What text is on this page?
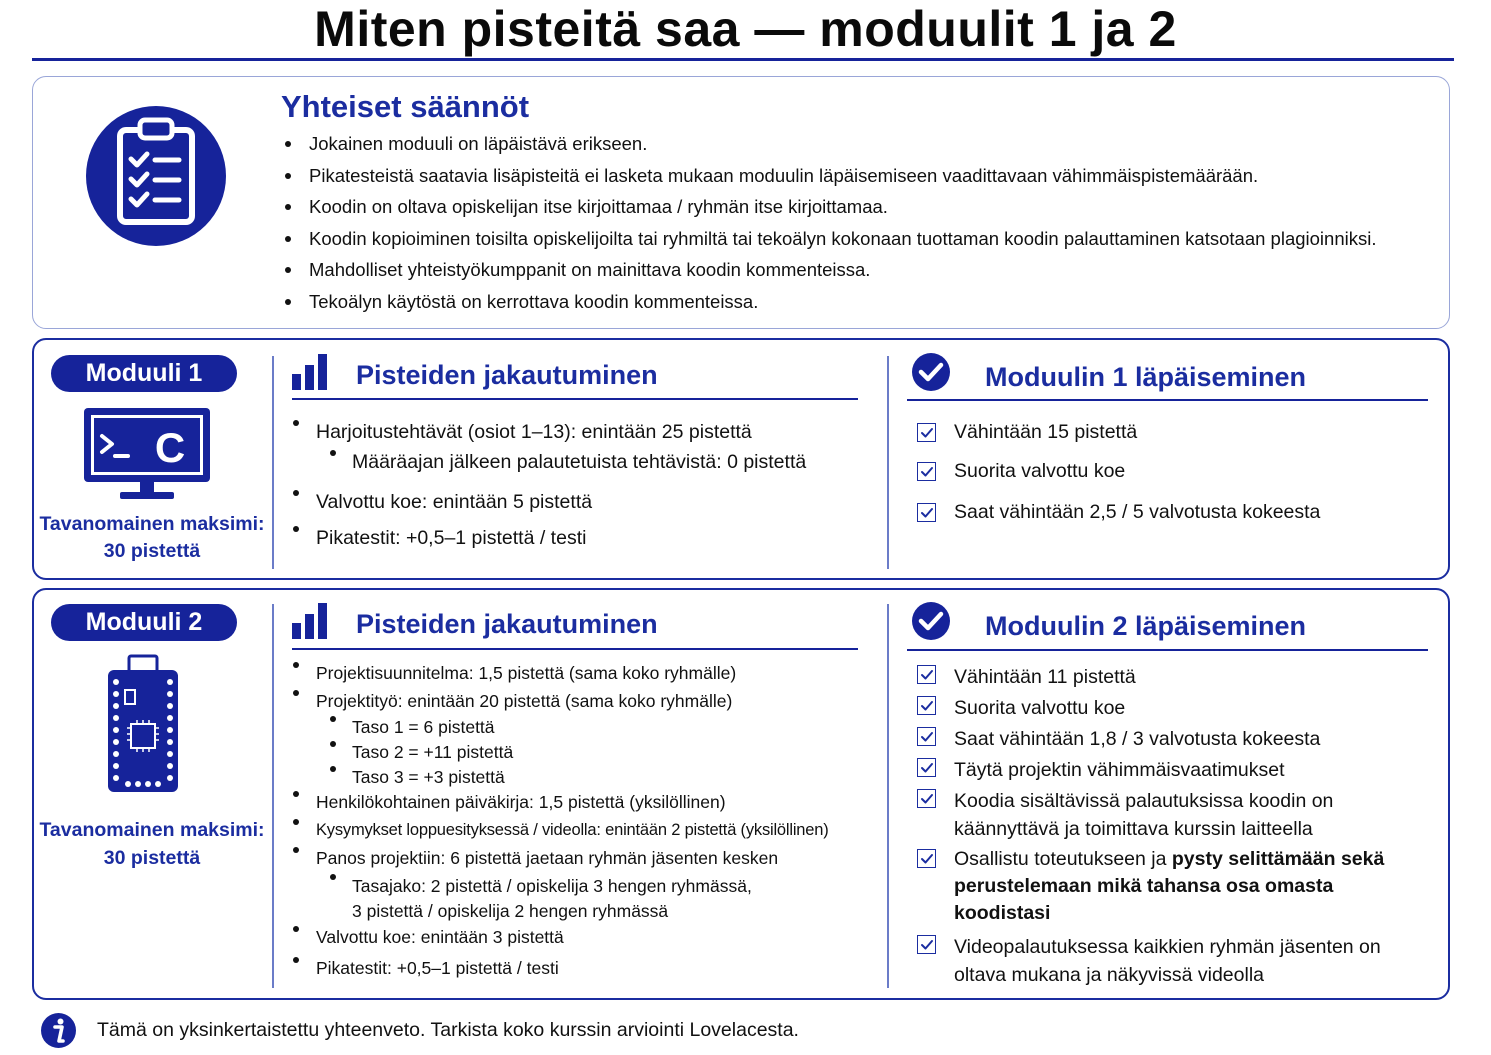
Miten pisteitä saa — moduulit 1 ja 2
Yhteiset säännöt
Jokainen moduuli on läpäistävä erikseen.
Pikatesteistä saatavia lisäpisteitä ei lasketa mukaan moduulin läpäisemiseen vaadittavaan vähimmäispistemäärään.
Koodin on oltava opiskelijan itse kirjoittamaa / ryhmän itse kirjoittamaa.
Koodin kopioiminen toisilta opiskelijoilta tai ryhmiltä tai tekoälyn kokonaan tuottaman koodin palauttaminen katsotaan plagioinniksi.
Mahdolliset yhteistyökumppanit on mainittava koodin kommenteissa.
Tekoälyn käytöstä on kerrottava koodin kommenteissa.
Moduuli 1
C
Tavanomainen maksimi:
30 pistettä
Pisteiden jakautuminen
Harjoitustehtävät (osiot 1–13): enintään 25 pistettä
Määräajan jälkeen palautetuista tehtävistä: 0 pistettä
Valvottu koe: enintään 5 pistettä
Pikatestit: +0,5–1 pistettä / testi
Moduulin 1 läpäiseminen
Vähintään 15 pistettä
Suorita valvottu koe
Saat vähintään 2,5 / 5 valvotusta kokeesta
Moduuli 2
Tavanomainen maksimi:
30 pistettä
Pisteiden jakautuminen
Projektisuunnitelma: 1,5 pistettä (sama koko ryhmälle)
Projektityö: enintään 20 pistettä (sama koko ryhmälle)
Taso 1 = 6 pistettä
Taso 2 = +11 pistettä
Taso 3 = +3 pistettä
Henkilökohtainen päiväkirja: 1,5 pistettä (yksilöllinen)
Kysymykset loppuesityksessä / videolla: enintään 2 pistettä (yksilöllinen)
Panos projektiin: 6 pistettä jaetaan ryhmän jäsenten kesken
Tasajako: 2 pistettä / opiskelija 3 hengen ryhmässä,
3 pistettä / opiskelija 2 hengen ryhmässä
Valvottu koe: enintään 3 pistettä
Pikatestit: +0,5–1 pistettä / testi
Moduulin 2 läpäiseminen
Vähintään 11 pistettä
Suorita valvottu koe
Saat vähintään 1,8 / 3 valvotusta kokeesta
Täytä projektin vähimmäisvaatimukset
Koodia sisältävissä palautuksissa koodin on
käännyttävä ja toimittava kurssin laitteella
Osallistu toteutukseen ja pysty selittämään sekä
perustelemaan mikä tahansa osa omasta
koodistasi
Videopalautuksessa kaikkien ryhmän jäsenten on
oltava mukana ja näkyvissä videolla
Tämä on yksinkertaistettu yhteenveto. Tarkista koko kurssin arviointi Lovelacesta.
